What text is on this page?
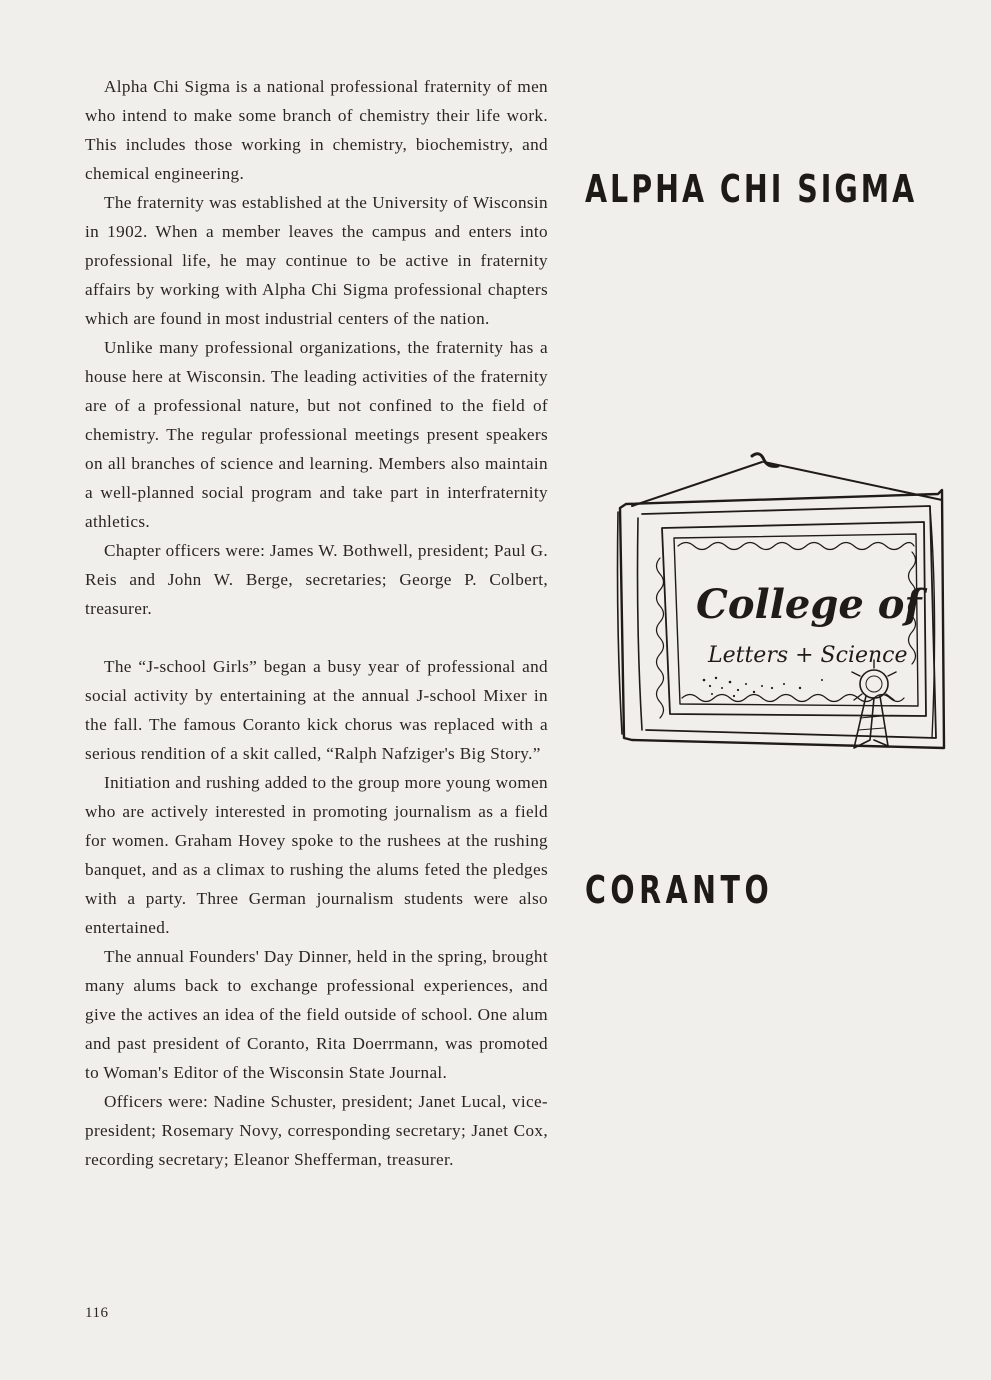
Alpha Chi Sigma is a national professional fraternity of men who intend to make some branch of chemistry their life work. This includes those working in chemistry, biochemistry, and chemical engineering.

The fraternity was established at the University of Wisconsin in 1902. When a member leaves the campus and enters into professional life, he may continue to be active in fraternity affairs by working with Alpha Chi Sigma professional chapters which are found in most industrial centers of the nation.

Unlike many professional organizations, the fraternity has a house here at Wisconsin. The leading activities of the fraternity are of a professional nature, but not confined to the field of chemistry. The regular professional meetings present speakers on all branches of science and learning. Members also maintain a well-planned social program and take part in interfraternity athletics.

Chapter officers were: James W. Bothwell, president; Paul G. Reis and John W. Berge, secretaries; George P. Colbert, treasurer.

The “J-school Girls” began a busy year of professional and social activity by entertaining at the annual J-school Mixer in the fall. The famous Coranto kick chorus was replaced with a serious rendition of a skit called, “Ralph Nafziger's Big Story.”

Initiation and rushing added to the group more young women who are actively interested in promoting journalism as a field for women. Graham Hovey spoke to the rushees at the rushing banquet, and as a climax to rushing the alums feted the pledges with a party. Three German journalism students were also entertained.

The annual Founders' Day Dinner, held in the spring, brought many alums back to exchange professional experiences, and give the actives an idea of the field outside of school. One alum and past president of Coranto, Rita Doerrmann, was promoted to Woman's Editor of the Wisconsin State Journal.

Officers were: Nadine Schuster, president; Janet Lucal, vice-president; Rosemary Novy, corresponding secretary; Janet Cox, recording secretary; Eleanor Shefferman, treasurer.

ALPHA CHI SIGMA
CORANTO
College of
Letters + Science
116
